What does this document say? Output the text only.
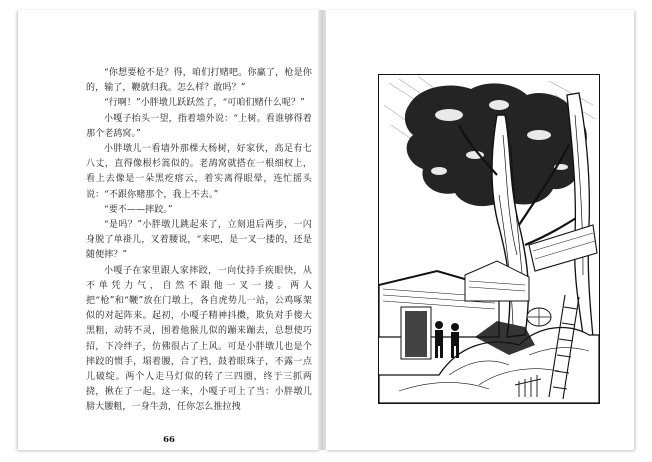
“你想要枪不是？得，咱们打赌吧。你赢了，枪是你的，输了，鞭就归我。怎么样？敢吗？”

“行啊！”小胖墩儿跃跃然了，“可咱们赌什么呢？”

小嘎子抬头一望，指着墙外说：“上树。看谁够得着那个老鸹窝。”

小胖墩儿一看墙外那棵大杨树，好家伙，高足有七八丈，直得像根杉篙似的。老鸹窝就搭在一根细杈上，看上去像是一朵黑疙瘩云，着实离得眼晕，连忙摇头说：“不跟你赌那个，我上不去。”

“要不——摔跤。”

“是吗？”小胖墩儿跳起来了，立刻退后两步，一闪身脱了单褂儿，叉着腰说，“来吧，是一叉一搂的，还是随便摔？”

小嘎子在家里跟人家摔跤，一向仗持手疾眼快，从不单凭力气，自然不跟他一叉一搂。两人把“枪”和“鞭”放在门墩上，各自虎势儿一站，公鸡啄架似的对起阵来。起初，小嘎子精神抖擞，欺负对手傻大黑粗，动转不灵，围着他猴儿似的蹦来蹦去，总想使巧招，下冷绊子，仿佛很占了上风。可是小胖墩儿也是个摔跤的惯手，塌着腰，合了裆，鼓着眼珠子，不露一点儿破绽。两个人走马灯似的转了三四圈，终于三抓两挠，揪在了一起。这一来，小嘎子可上了当：小胖墩儿膀大腰粗，一身牛劲，任你怎么推拉拽

66
